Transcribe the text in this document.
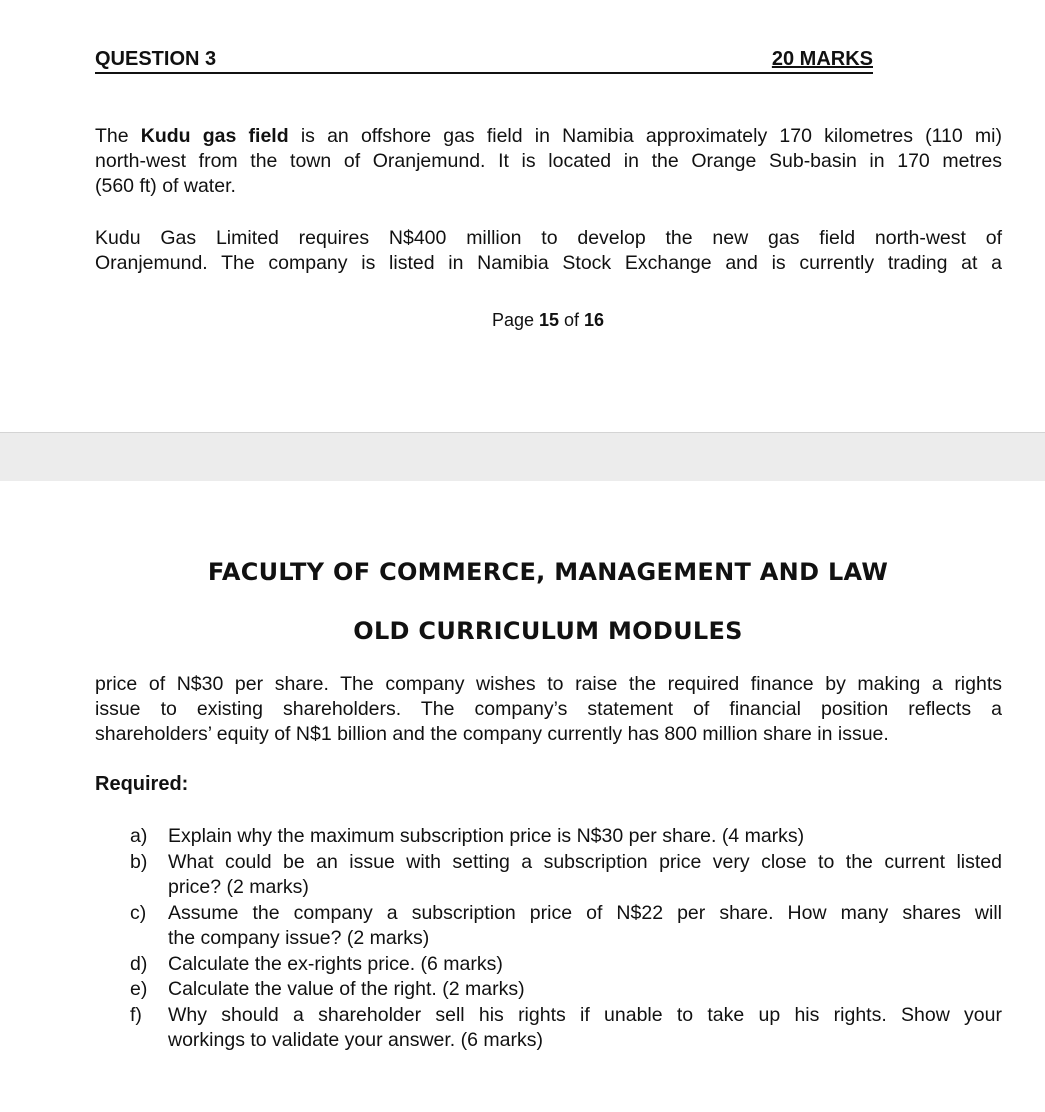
QUESTION 3	20 MARKS
The Kudu gas field is an offshore gas field in Namibia approximately 170 kilometres (110 mi)
north-west from the town of Oranjemund. It is located in the Orange Sub-basin in 170 metres
(560 ft) of water.
Kudu Gas Limited requires N$400 million to develop the new gas field north-west of
Oranjemund. The company is listed in Namibia Stock Exchange and is currently trading at a
Page 15 of 16
FACULTY OF COMMERCE, MANAGEMENT AND LAW
OLD CURRICULUM MODULES
price of N$30 per share. The company wishes to raise the required finance by making a rights
issue to existing shareholders. The company’s statement of financial position reflects a
shareholders’ equity of N$1 billion and the company currently has 800 million share in issue.
Required:
a) Explain why the maximum subscription price is N$30 per share. (4 marks)
b) What could be an issue with setting a subscription price very close to the current listed
price? (2 marks)
c) Assume the company a subscription price of N$22 per share. How many shares will
the company issue? (2 marks)
d) Calculate the ex-rights price. (6 marks)
e) Calculate the value of the right. (2 marks)
f) Why should a shareholder sell his rights if unable to take up his rights. Show your
workings to validate your answer. (6 marks)
